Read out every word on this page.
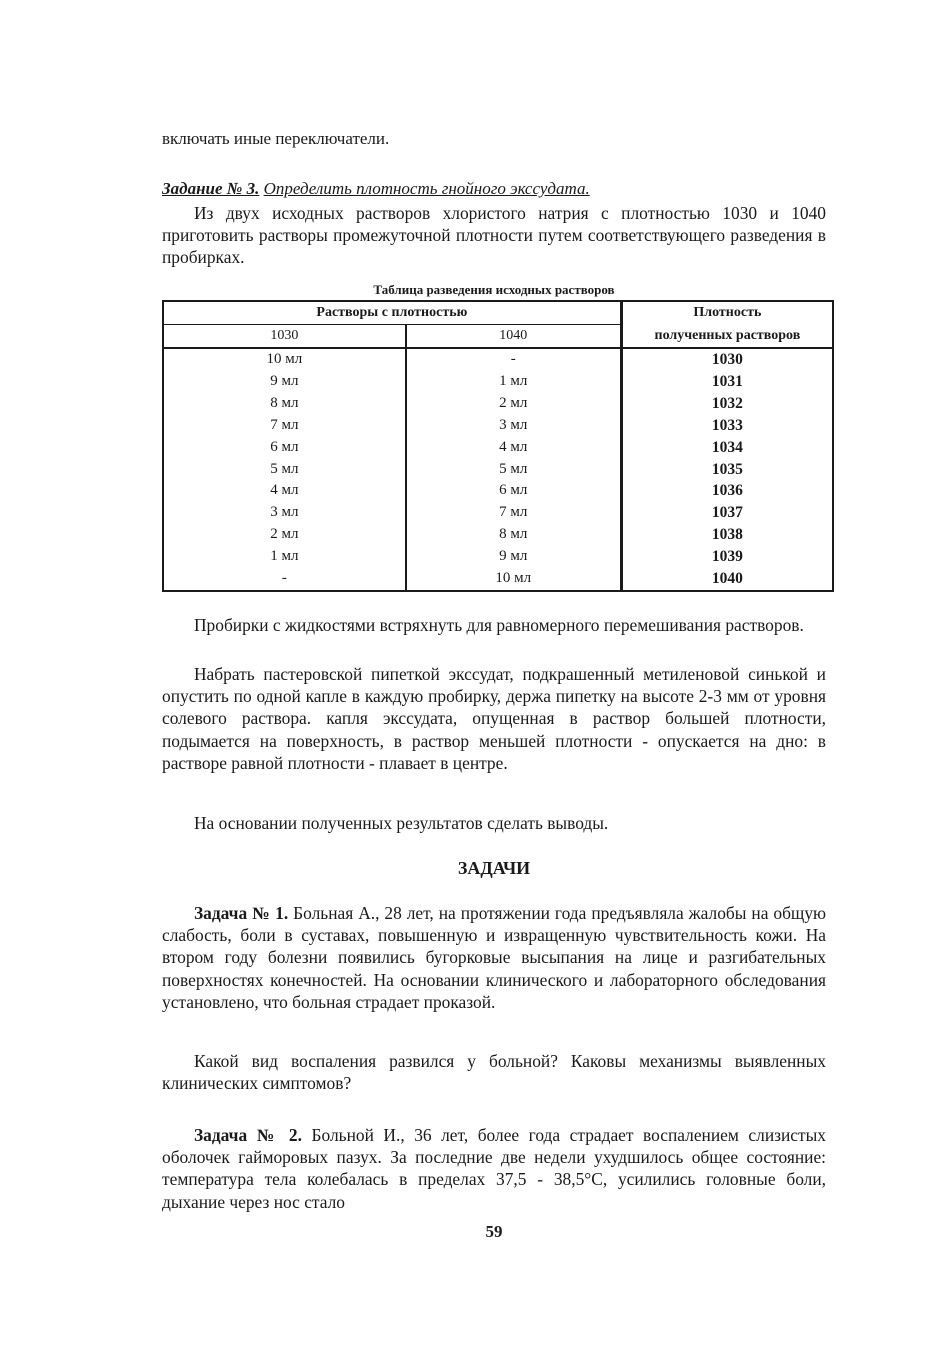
включать иные переключатели.
Задание № 3. Определить плотность гнойного экссудата.

Из двух исходных растворов хлористого натрия с плотностью 1030 и 1040 приготовить растворы промежуточной плотности путем соответствующего разведения в пробирках.

Таблица разведения исходных растворов
Растворы с плотностью		Плотность
1030	1040	полученных растворов
10 мл	-	1030
9 мл	1 мл	1031
8 мл	2 мл	1032
7 мл	3 мл	1033
6 мл	4 мл	1034
5 мл	5 мл	1035
4 мл	6 мл	1036
3 мл	7 мл	1037
2 мл	8 мл	1038
1 мл	9 мл	1039
-	10 мл	1040

Пробирки с жидкостями встряхнуть для равномерного перемешивания растворов.

Набрать пастеровской пипеткой экссудат, подкрашенный метиленовой синькой и опустить по одной капле в каждую пробирку, держа пипетку на высоте 2-3 мм от уровня солевого раствора. капля экссудата, опущенная в раствор большей плотности, подымается на поверхность, в раствор меньшей плотности - опускается на дно: в растворе равной плотности - плавает в центре.

На основании полученных результатов сделать выводы.

ЗАДАЧИ

Задача № 1. Больная А., 28 лет, на протяжении года предъявляла жалобы на общую слабость, боли в суставах, повышенную и извращенную чувствительность кожи. На втором году болезни появились бугорковые высыпания на лице и разгибательных поверхностях конечностей. На основании клинического и лабораторного обследования установлено, что больная страдает проказой.

Какой вид воспаления развился у больной? Каковы механизмы выявленных клинических симптомов?

Задача № 2. Больной И., 36 лет, более года страдает воспалением слизистых оболочек гайморовых пазух. За последние две недели ухудшилось общее состояние: температура тела колебалась в пределах 37,5 - 38,5°С, усилились головные боли, дыхание через нос стало

59
